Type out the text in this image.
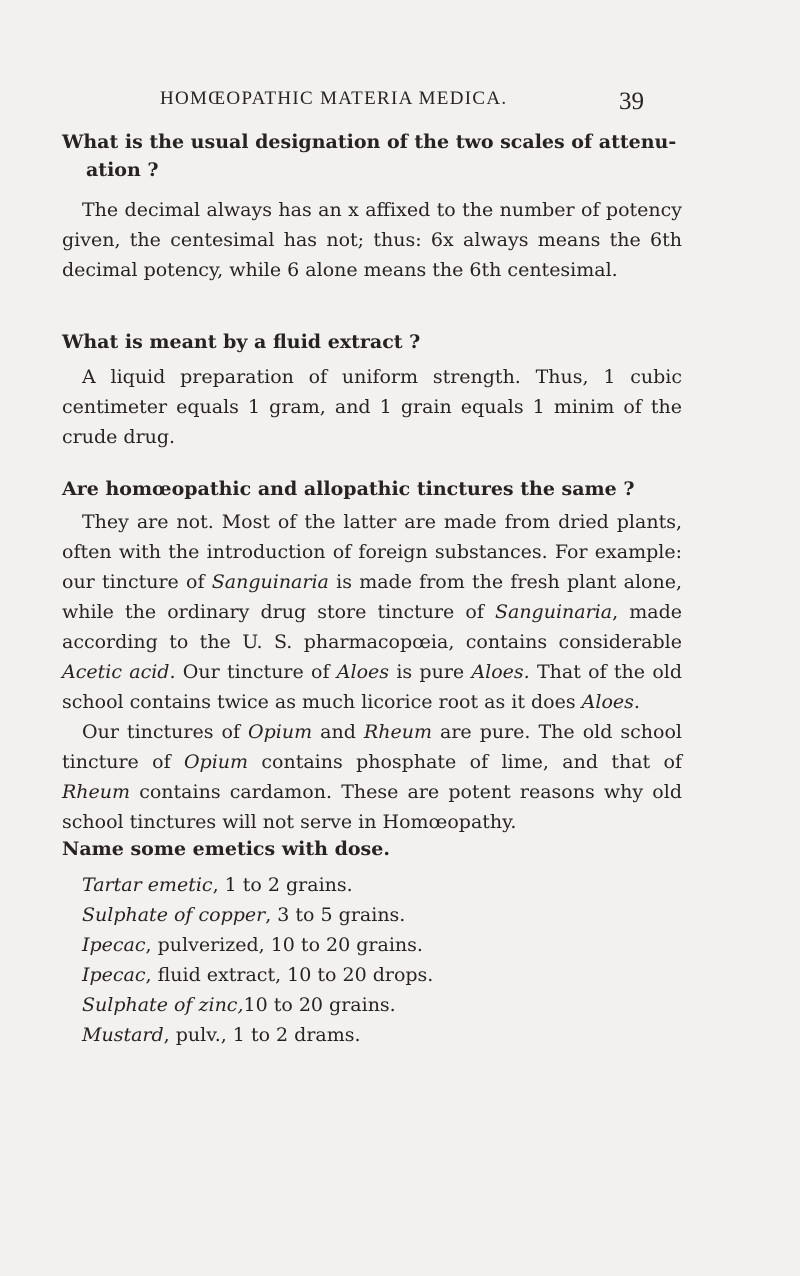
HOMŒOPATHIC MATERIA MEDICA.	39

What is the usual designation of the two scales of attenu-
ation ?

The decimal always has an x affixed to the number of potency given, the centesimal has not; thus: 6x always means the 6th decimal potency, while 6 alone means the 6th centesimal.

What is meant by a fluid extract ?

A liquid preparation of uniform strength. Thus, 1 cubic centimeter equals 1 gram, and 1 grain equals 1 minim of the crude drug.

Are homœopathic and allopathic tinctures the same ?

They are not. Most of the latter are made from dried plants, often with the introduction of foreign substances. For example: our tincture of Sanguinaria is made from the fresh plant alone, while the ordinary drug store tincture of Sanguinaria, made according to the U. S. pharmacopœia, contains considerable Acetic acid. Our tincture of Aloes is pure Aloes. That of the old school contains twice as much licorice root as it does Aloes.

Our tinctures of Opium and Rheum are pure. The old school tincture of Opium contains phosphate of lime, and that of Rheum contains cardamon. These are potent reasons why old school tinctures will not serve in Homœopathy.

Name some emetics with dose.

Tartar emetic, 1 to 2 grains.
Sulphate of copper, 3 to 5 grains.
Ipecac, pulverized, 10 to 20 grains.
Ipecac, fluid extract, 10 to 20 drops.
Sulphate of zinc,10 to 20 grains.
Mustard, pulv., 1 to 2 drams.
